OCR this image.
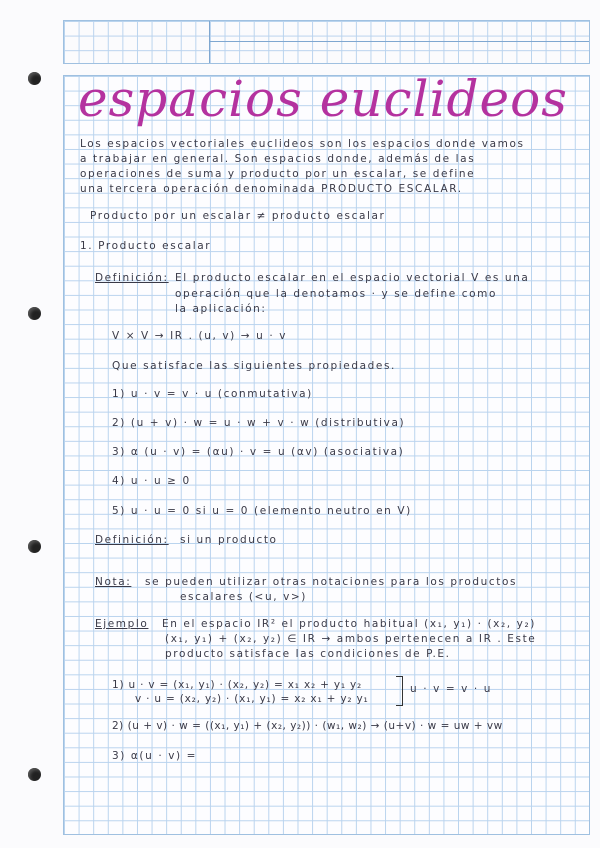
espacios euclideos
Los espacios vectoriales euclideos son los espacios donde vamos
a trabajar en general. Son espacios donde, además de las
operaciones de suma y producto por un escalar, se define
una tercera operación denominada PRODUCTO ESCALAR.
Producto por un escalar ≠ producto escalar
1. Producto escalar
Definición: El producto escalar en el espacio vectorial V es una
operación que la denotamos · y se define como
la aplicación:
V × V → IR . (u, v) → u · v
Que satisface las siguientes propiedades.
1) u · v = v · u (conmutativa)
2) (u + v) · w = u · w + v · w (distributiva)
3) α (u · v) = (αu) · v = u (αv) (asociativa)
4) u · u ≥ 0
5) u · u = 0 si u = 0 (elemento neutro en V)
Definición: si un producto
Nota: se pueden utilizar otras notaciones para los productos
escalares (<u, v>)
Ejemplo En el espacio IR² el producto habitual (x₁, y₁) · (x₂, y₂)
(x₁, y₁) + (x₂, y₂) ∈ IR → ambos pertenecen a IR . Este
producto satisface las condiciones de P.E.
1) u · v = (x₁, y₁) · (x₂, y₂) = x₁ x₂ + y₁ y₂
v · u = (x₂, y₂) · (x₁, y₁) = x₂ x₁ + y₂ y₁
u · v = v · u
2) (u + v) · w = ((x₁, y₁) + (x₂, y₂)) · (w₁, w₂) → (u+v) · w = uw + vw
3) α(u · v) =
